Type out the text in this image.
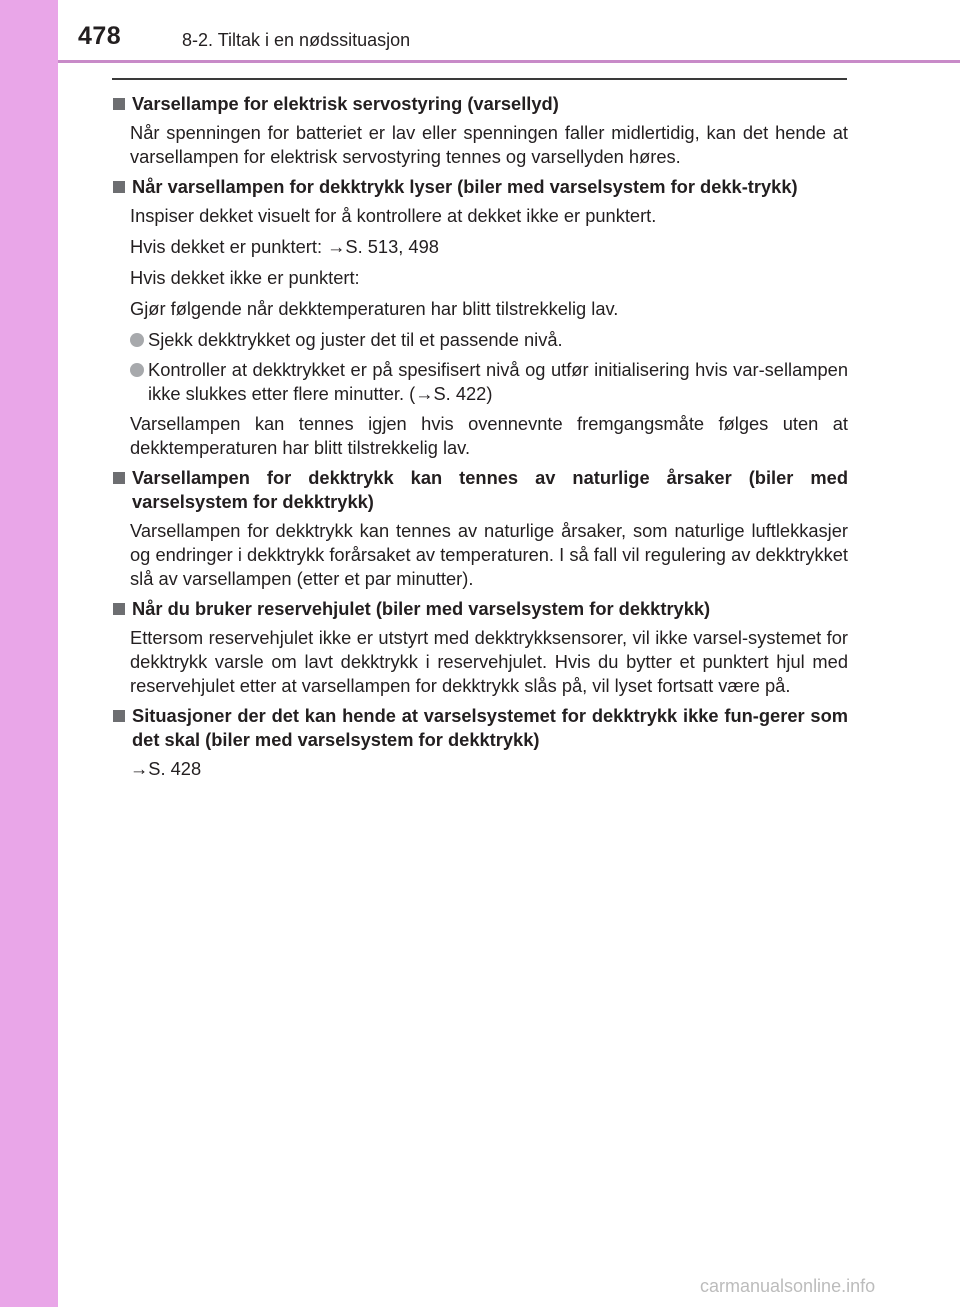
478	8-2. Tiltak i en nødssituasjon
Varsellampe for elektrisk servostyring (varsellyd)
Når spenningen for batteriet er lav eller spenningen faller midlertidig, kan det hende at varsellampen for elektrisk servostyring tennes og varsellyden høres.
Når varsellampen for dekktrykk lyser (biler med varselsystem for dekk-trykk)
Inspiser dekket visuelt for å kontrollere at dekket ikke er punktert.
Hvis dekket er punktert: →S. 513, 498
Hvis dekket ikke er punktert:
Gjør følgende når dekktemperaturen har blitt tilstrekkelig lav.
Sjekk dekktrykket og juster det til et passende nivå.
Kontroller at dekktrykket er på spesifisert nivå og utfør initialisering hvis var-sellampen ikke slukkes etter flere minutter. (→S. 422)
Varsellampen kan tennes igjen hvis ovennevnte fremgangsmåte følges uten at dekktemperaturen har blitt tilstrekkelig lav.
Varsellampen for dekktrykk kan tennes av naturlige årsaker (biler med varselsystem for dekktrykk)
Varsellampen for dekktrykk kan tennes av naturlige årsaker, som naturlige luftlekkasjer og endringer i dekktrykk forårsaket av temperaturen. I så fall vil regulering av dekktrykket slå av varsellampen (etter et par minutter).
Når du bruker reservehjulet (biler med varselsystem for dekktrykk)
Ettersom reservehjulet ikke er utstyrt med dekktrykksensorer, vil ikke varsel-systemet for dekktrykk varsle om lavt dekktrykk i reservehjulet. Hvis du bytter et punktert hjul med reservehjulet etter at varsellampen for dekktrykk slås på, vil lyset fortsatt være på.
Situasjoner der det kan hende at varselsystemet for dekktrykk ikke fun-gerer som det skal (biler med varselsystem for dekktrykk)
→S. 428
carmanualsonline.info
